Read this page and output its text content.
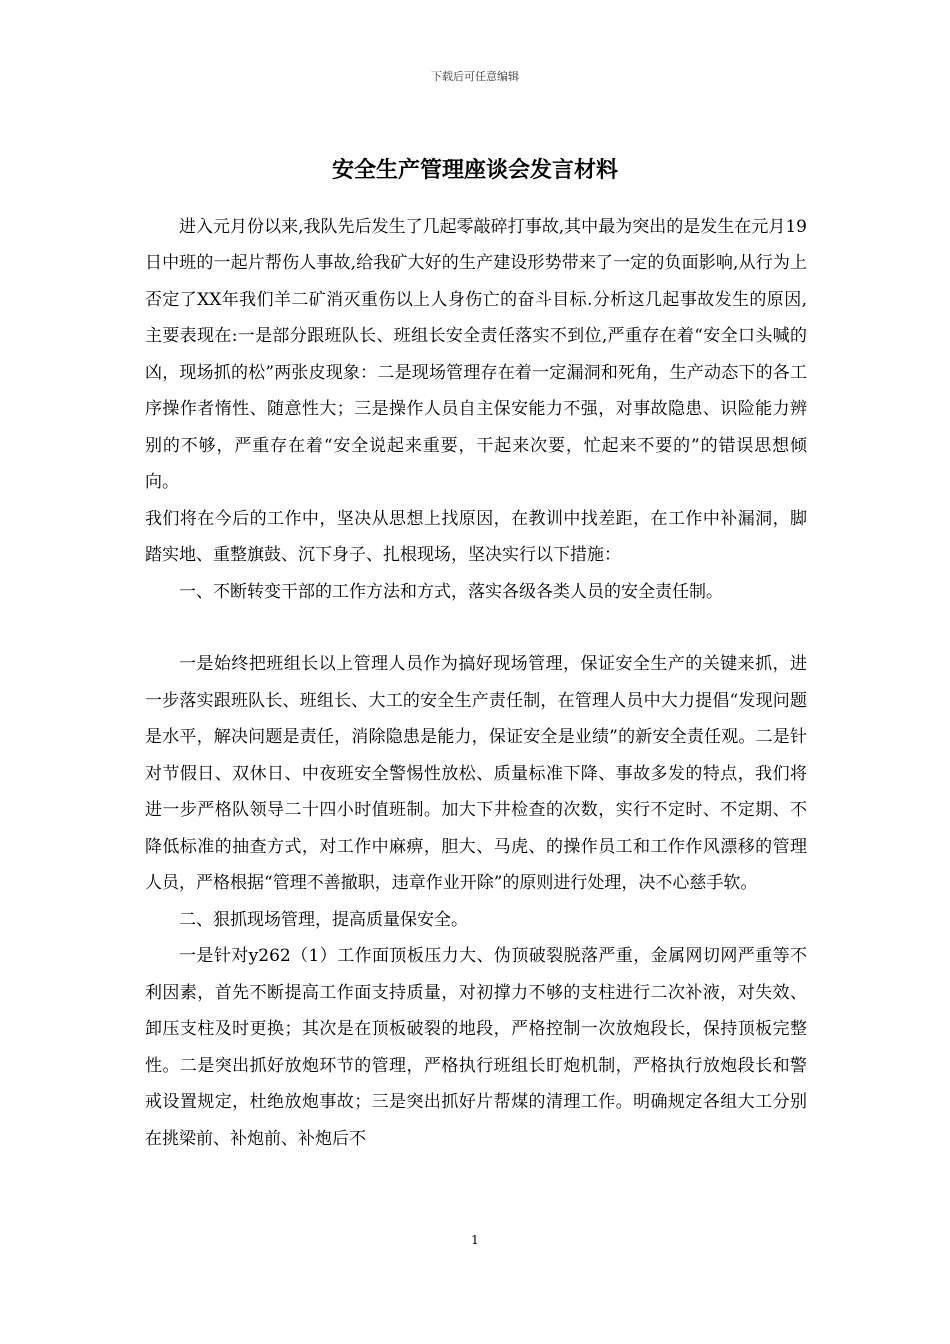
下载后可任意编辑
安全生产管理座谈会发言材料

进入元月份以来,我队先后发生了几起零敲碎打事故,其中最为突出的是发生在元月19日中班的一起片帮伤人事故,给我矿大好的生产建设形势带来了一定的负面影响,从行为上否定了XX年我们羊二矿消灭重伤以上人身伤亡的奋斗目标.分析这几起事故发生的原因,主要表现在:一是部分跟班队长、班组长安全责任落实不到位,严重存在着“安全口头喊的凶，现场抓的松”两张皮现象：二是现场管理存在着一定漏洞和死角，生产动态下的各工序操作者惰性、随意性大；三是操作人员自主保安能力不强，对事故隐患、识险能力辨别的不够，严重存在着“安全说起来重要，干起来次要，忙起来不要的”的错误思想倾向。

我们将在今后的工作中，坚决从思想上找原因，在教训中找差距，在工作中补漏洞，脚踏实地、重整旗鼓、沉下身子、扎根现场，坚决实行以下措施：

一、不断转变干部的工作方法和方式，落实各级各类人员的安全责任制。

一是始终把班组长以上管理人员作为搞好现场管理，保证安全生产的关键来抓，进一步落实跟班队长、班组长、大工的安全生产责任制，在管理人员中大力提倡“发现问题是水平，解决问题是责任，消除隐患是能力，保证安全是业绩”的新安全责任观。二是针对节假日、双休日、中夜班安全警惕性放松、质量标准下降、事故多发的特点，我们将进一步严格队领导二十四小时值班制。加大下井检查的次数，实行不定时、不定期、不降低标准的抽查方式，对工作中麻痹，胆大、马虎、的操作员工和工作作风漂移的管理人员，严格根据“管理不善撤职，违章作业开除”的原则进行处理，决不心慈手软。

二、狠抓现场管理，提高质量保安全。

一是针对y262（1）工作面顶板压力大、伪顶破裂脱落严重，金属网切网严重等不利因素，首先不断提高工作面支持质量，对初撑力不够的支柱进行二次补液，对失效、卸压支柱及时更换；其次是在顶板破裂的地段，严格控制一次放炮段长，保持顶板完整性。二是突出抓好放炮环节的管理，严格执行班组长盯炮机制，严格执行放炮段长和警戒设置规定，杜绝放炮事故；三是突出抓好片帮煤的清理工作。明确规定各组大工分别在挑梁前、补炮前、补炮后不

1
